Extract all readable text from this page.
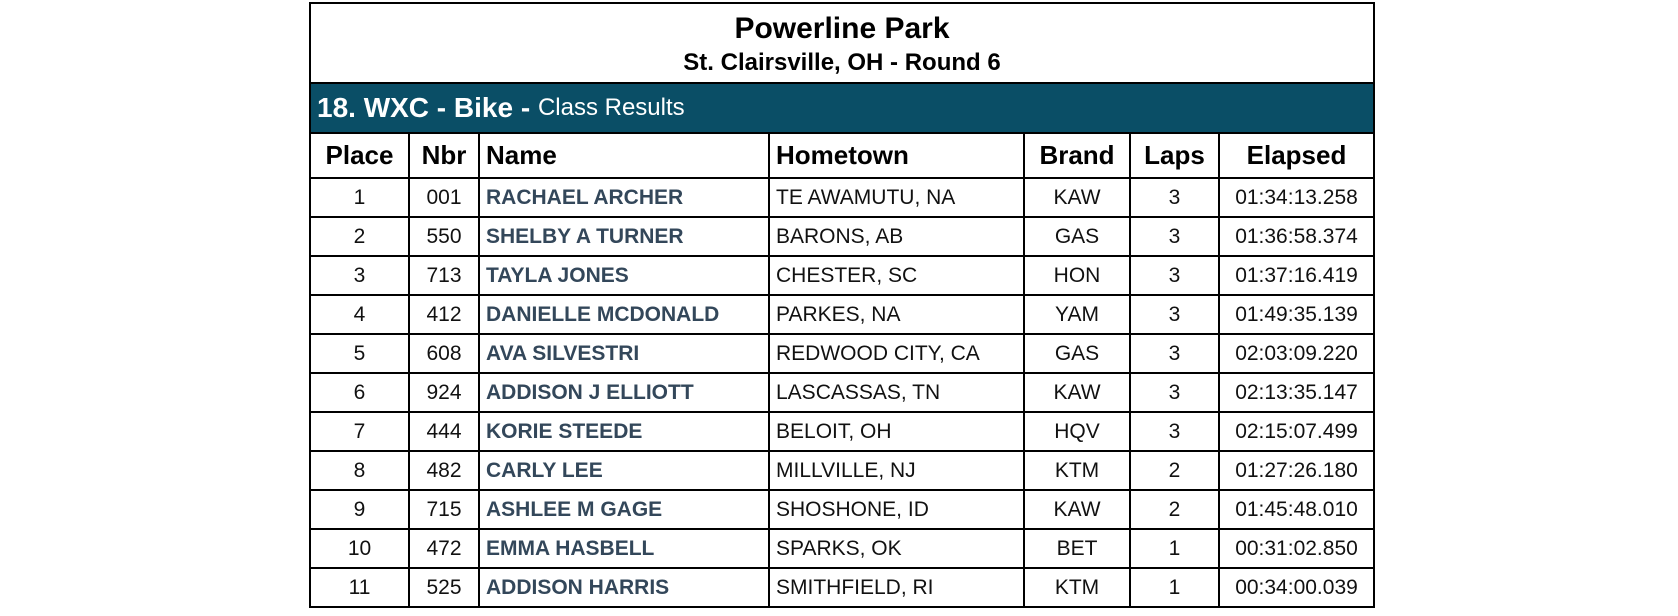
Powerline Park
St. Clairsville, OH - Round 6
18. WXC - Bike - Class Results
Place	Nbr	Name	Hometown	Brand	Laps	Elapsed
1	001	RACHAEL ARCHER	TE AWAMUTU, NA	KAW	3	01:34:13.258
2	550	SHELBY A TURNER	BARONS, AB	GAS	3	01:36:58.374
3	713	TAYLA JONES	CHESTER, SC	HON	3	01:37:16.419
4	412	DANIELLE MCDONALD	PARKES, NA	YAM	3	01:49:35.139
5	608	AVA SILVESTRI	REDWOOD CITY, CA	GAS	3	02:03:09.220
6	924	ADDISON J ELLIOTT	LASCASSAS, TN	KAW	3	02:13:35.147
7	444	KORIE STEEDE	BELOIT, OH	HQV	3	02:15:07.499
8	482	CARLY LEE	MILLVILLE, NJ	KTM	2	01:27:26.180
9	715	ASHLEE M GAGE	SHOSHONE, ID	KAW	2	01:45:48.010
10	472	EMMA HASBELL	SPARKS, OK	BET	1	00:31:02.850
11	525	ADDISON HARRIS	SMITHFIELD, RI	KTM	1	00:34:00.039
